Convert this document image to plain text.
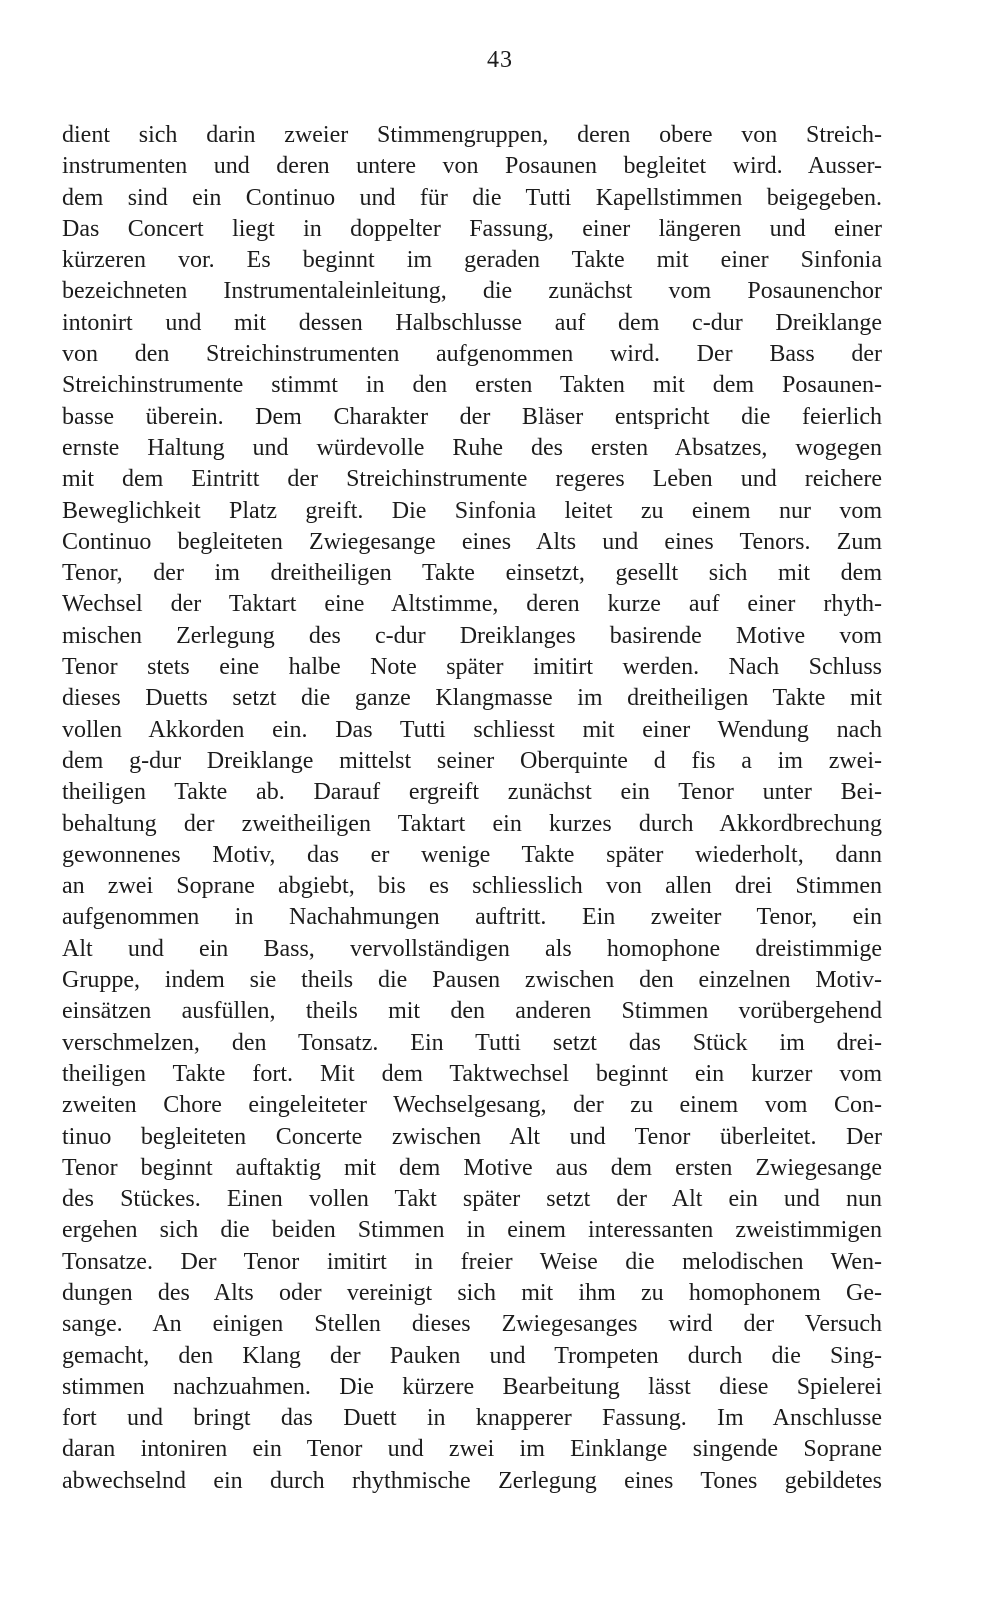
43
dient sich darin zweier Stimmengruppen, deren obere von Streich-
instrumenten und deren untere von Posaunen begleitet wird. Ausser-
dem sind ein Continuo und für die Tutti Kapellstimmen beigegeben.
Das Concert liegt in doppelter Fassung, einer längeren und einer
kürzeren vor. Es beginnt im geraden Takte mit einer Sinfonia
bezeichneten Instrumentaleinleitung, die zunächst vom Posaunenchor
intonirt und mit dessen Halbschlusse auf dem c-dur Dreiklange
von den Streichinstrumenten aufgenommen wird. Der Bass der
Streichinstrumente stimmt in den ersten Takten mit dem Posaunen-
basse überein. Dem Charakter der Bläser entspricht die feierlich
ernste Haltung und würdevolle Ruhe des ersten Absatzes, wogegen
mit dem Eintritt der Streichinstrumente regeres Leben und reichere
Beweglichkeit Platz greift. Die Sinfonia leitet zu einem nur vom
Continuo begleiteten Zwiegesange eines Alts und eines Tenors. Zum
Tenor, der im dreitheiligen Takte einsetzt, gesellt sich mit dem
Wechsel der Taktart eine Altstimme, deren kurze auf einer rhyth-
mischen Zerlegung des c-dur Dreiklanges basirende Motive vom
Tenor stets eine halbe Note später imitirt werden. Nach Schluss
dieses Duetts setzt die ganze Klangmasse im dreitheiligen Takte mit
vollen Akkorden ein. Das Tutti schliesst mit einer Wendung nach
dem g-dur Dreiklange mittelst seiner Oberquinte d fis a im zwei-
theiligen Takte ab. Darauf ergreift zunächst ein Tenor unter Bei-
behaltung der zweitheiligen Taktart ein kurzes durch Akkordbrechung
gewonnenes Motiv, das er wenige Takte später wiederholt, dann
an zwei Soprane abgiebt, bis es schliesslich von allen drei Stimmen
aufgenommen in Nachahmungen auftritt. Ein zweiter Tenor, ein
Alt und ein Bass, vervollständigen als homophone dreistimmige
Gruppe, indem sie theils die Pausen zwischen den einzelnen Motiv-
einsätzen ausfüllen, theils mit den anderen Stimmen vorübergehend
verschmelzen, den Tonsatz. Ein Tutti setzt das Stück im drei-
theiligen Takte fort. Mit dem Taktwechsel beginnt ein kurzer vom
zweiten Chore eingeleiteter Wechselgesang, der zu einem vom Con-
tinuo begleiteten Concerte zwischen Alt und Tenor überleitet. Der
Tenor beginnt auftaktig mit dem Motive aus dem ersten Zwiegesange
des Stückes. Einen vollen Takt später setzt der Alt ein und nun
ergehen sich die beiden Stimmen in einem interessanten zweistimmigen
Tonsatze. Der Tenor imitirt in freier Weise die melodischen Wen-
dungen des Alts oder vereinigt sich mit ihm zu homophonem Ge-
sange. An einigen Stellen dieses Zwiegesanges wird der Versuch
gemacht, den Klang der Pauken und Trompeten durch die Sing-
stimmen nachzuahmen. Die kürzere Bearbeitung lässt diese Spielerei
fort und bringt das Duett in knapperer Fassung. Im Anschlusse
daran intoniren ein Tenor und zwei im Einklange singende Soprane
abwechselnd ein durch rhythmische Zerlegung eines Tones gebildetes
